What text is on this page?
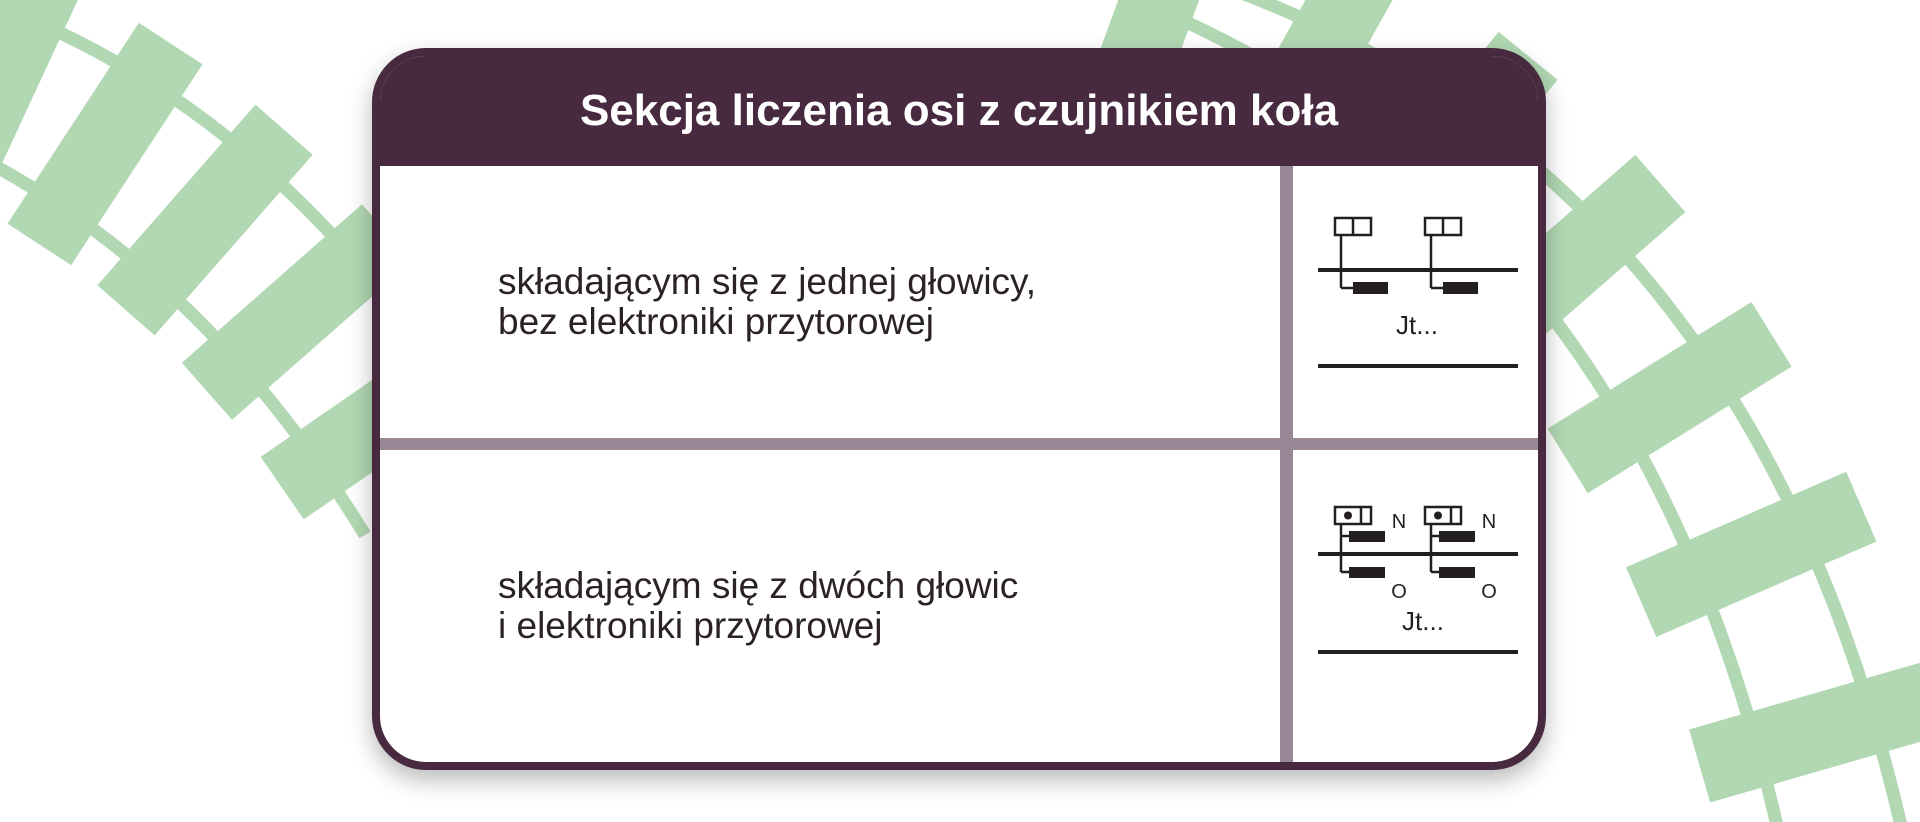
Sekcja liczenia osi z czujnikiem koła
składającym się z jednej głowicy,
bez elektroniki przytorowej
składającym się z dwóch głowic
i elektroniki przytorowej
Jt...
N	N
O	O
Jt...
